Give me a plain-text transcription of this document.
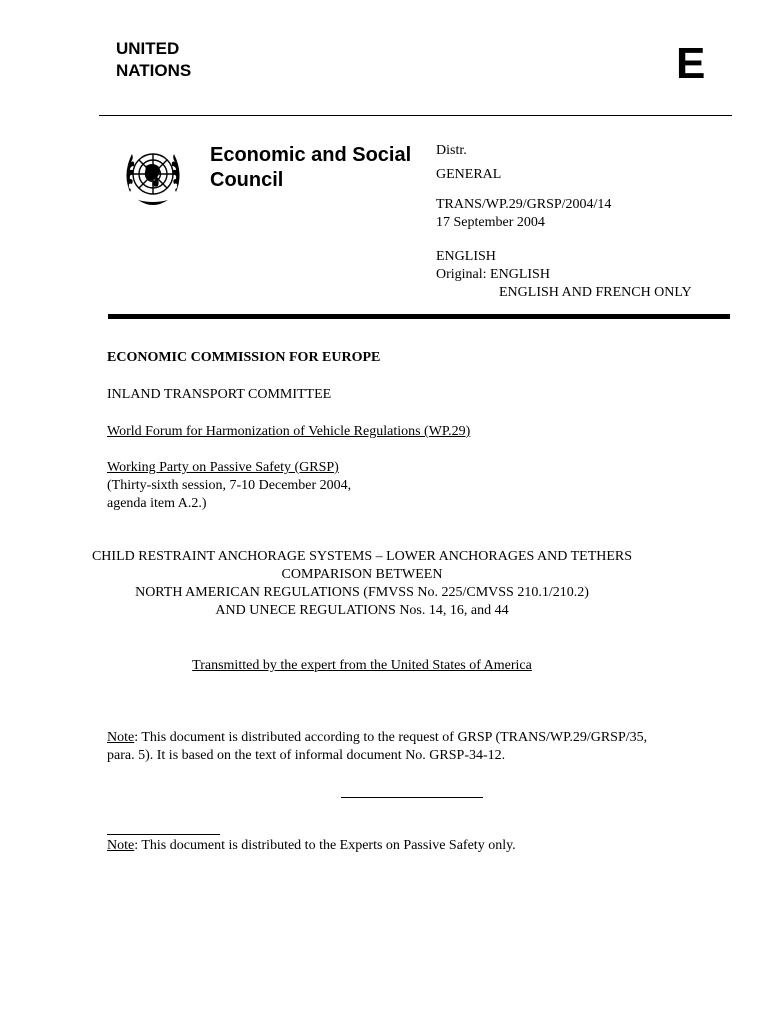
UNITED
NATIONS	E
Economic and Social
Council
Distr.
GENERAL
TRANS/WP.29/GRSP/2004/14
17 September 2004
ENGLISH
Original: ENGLISH
ENGLISH AND FRENCH ONLY
ECONOMIC COMMISSION FOR EUROPE
INLAND TRANSPORT COMMITTEE
World Forum for Harmonization of Vehicle Regulations (WP.29)
Working Party on Passive Safety (GRSP)
(Thirty-sixth session, 7-10 December 2004,
agenda item A.2.)
CHILD RESTRAINT ANCHORAGE SYSTEMS – LOWER ANCHORAGES AND TETHERS
COMPARISON BETWEEN
NORTH AMERICAN REGULATIONS (FMVSS No. 225/CMVSS 210.1/210.2)
AND UNECE REGULATIONS Nos. 14, 16, and 44
Transmitted by the expert from the United States of America
Note: This document is distributed according to the request of GRSP (TRANS/WP.29/GRSP/35,
para. 5). It is based on the text of informal document No. GRSP-34-12.
Note: This document is distributed to the Experts on Passive Safety only.
